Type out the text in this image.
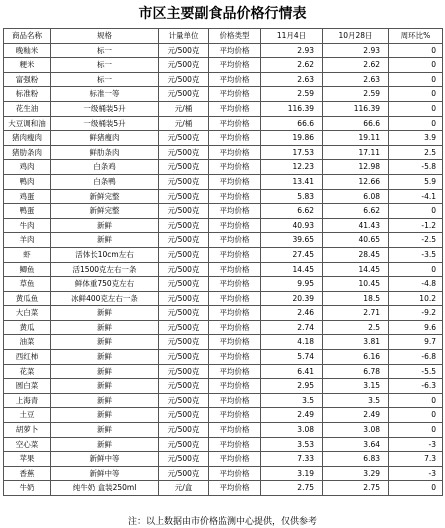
市区主要副食品价格行情表
商品名称	规格	计量单位	价格类型	11月4日	10月28日	周环比%
晚籼米	标一	元/500克	平均价格	2.93	2.93	0
粳米	标一	元/500克	平均价格	2.62	2.62	0
富强粉	标一	元/500克	平均价格	2.63	2.63	0
标准粉	标准一等	元/500克	平均价格	2.59	2.59	0
花生油	一级桶装5升	元/桶	平均价格	116.39	116.39	0
大豆调和油	一级桶装5升	元/桶	平均价格	66.6	66.6	0
猪肉瘦肉	鲜猪瘦肉	元/500克	平均价格	19.86	19.11	3.9
猪肋条肉	鲜肋条肉	元/500克	平均价格	17.53	17.11	2.5
鸡肉	白条鸡	元/500克	平均价格	12.23	12.98	-5.8
鸭肉	白条鸭	元/500克	平均价格	13.41	12.66	5.9
鸡蛋	新鲜完整	元/500克	平均价格	5.83	6.08	-4.1
鸭蛋	新鲜完整	元/500克	平均价格	6.62	6.62	0
牛肉	新鲜	元/500克	平均价格	40.93	41.43	-1.2
羊肉	新鲜	元/500克	平均价格	39.65	40.65	-2.5
虾	活体长10cm左右	元/500克	平均价格	27.45	28.45	-3.5
鲫鱼	活1500克左右一条	元/500克	平均价格	14.45	14.45	0
草鱼	鲜体重750克左右	元/500克	平均价格	9.95	10.45	-4.8
黄瓜鱼	冰鲜400克左右一条	元/500克	平均价格	20.39	18.5	10.2
大白菜	新鲜	元/500克	平均价格	2.46	2.71	-9.2
黄瓜	新鲜	元/500克	平均价格	2.74	2.5	9.6
油菜	新鲜	元/500克	平均价格	4.18	3.81	9.7
西红柿	新鲜	元/500克	平均价格	5.74	6.16	-6.8
花菜	新鲜	元/500克	平均价格	6.41	6.78	-5.5
圆白菜	新鲜	元/500克	平均价格	2.95	3.15	-6.3
上海青	新鲜	元/500克	平均价格	3.5	3.5	0
土豆	新鲜	元/500克	平均价格	2.49	2.49	0
胡萝卜	新鲜	元/500克	平均价格	3.08	3.08	0
空心菜	新鲜	元/500克	平均价格	3.53	3.64	-3
苹果	新鲜中等	元/500克	平均价格	7.33	6.83	7.3
香蕉	新鲜中等	元/500克	平均价格	3.19	3.29	-3
牛奶	纯牛奶 盒装250ml	元/盒	平均价格	2.75	2.75	0
注：以上数据由市价格监测中心提供，仅供参考
